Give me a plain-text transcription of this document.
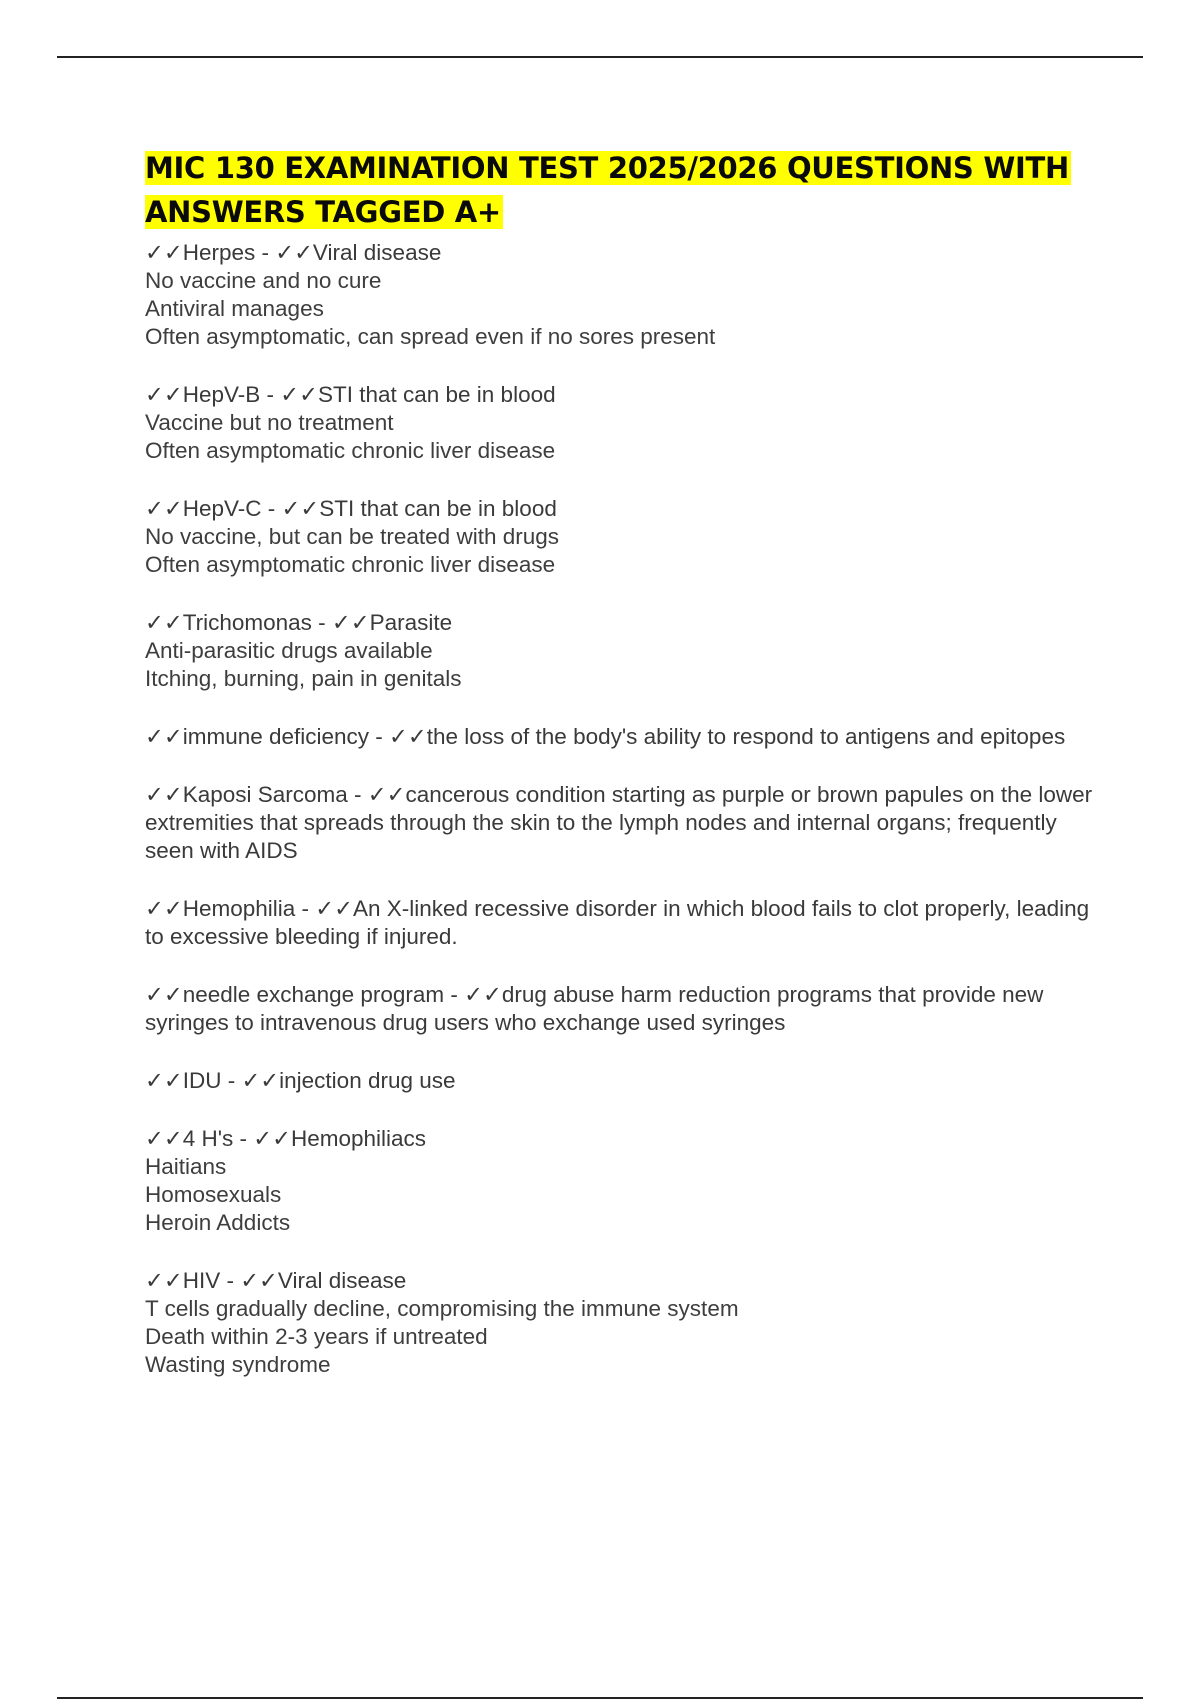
MIC 130 EXAMINATION TEST 2025/2026 QUESTIONS WITH ANSWERS TAGGED A+
✓✓Herpes - ✓✓Viral disease
No vaccine and no cure
Antiviral manages
Often asymptomatic, can spread even if no sores present
✓✓HepV-B - ✓✓STI that can be in blood
Vaccine but no treatment
Often asymptomatic chronic liver disease
✓✓HepV-C - ✓✓STI that can be in blood
No vaccine, but can be treated with drugs
Often asymptomatic chronic liver disease
✓✓Trichomonas - ✓✓Parasite
Anti-parasitic drugs available
Itching, burning, pain in genitals
✓✓immune deficiency - ✓✓the loss of the body's ability to respond to antigens and epitopes
✓✓Kaposi Sarcoma - ✓✓cancerous condition starting as purple or brown papules on the lower extremities that spreads through the skin to the lymph nodes and internal organs; frequently seen with AIDS
✓✓Hemophilia - ✓✓An X-linked recessive disorder in which blood fails to clot properly, leading to excessive bleeding if injured.
✓✓needle exchange program - ✓✓drug abuse harm reduction programs that provide new syringes to intravenous drug users who exchange used syringes
✓✓IDU - ✓✓injection drug use
✓✓4 H's - ✓✓Hemophiliacs
Haitians
Homosexuals
Heroin Addicts
✓✓HIV - ✓✓Viral disease
T cells gradually decline, compromising the immune system
Death within 2-3 years if untreated
Wasting syndrome
